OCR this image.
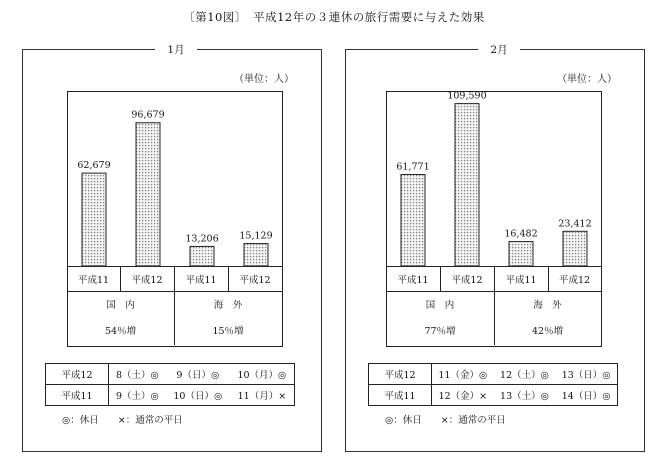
〔第10図〕　平成12年の３連休の旅行需要に与えた効果
1月
（単位：人）
62,679
96,679
13,206 15,129
平成11	平成12	平成11	平成12
国　内	海　外
54％増	15％増
平成12	8（土）◎	9（日）◎	10（月）◎
平成11	9（土）◎	10（日）◎	11（月）×
◎：休日　　×：通常の平日
2月
（単位：人）
61,771
109,590
16,482
23,412
平成11	平成12	平成11	平成12
国　内	海　外
77％増	42％増
平成12	11（金）◎	12（土）◎	13（日）◎
平成11	12（金）×	13（土）◎	14（日）◎
◎：休日　　×：通常の平日
